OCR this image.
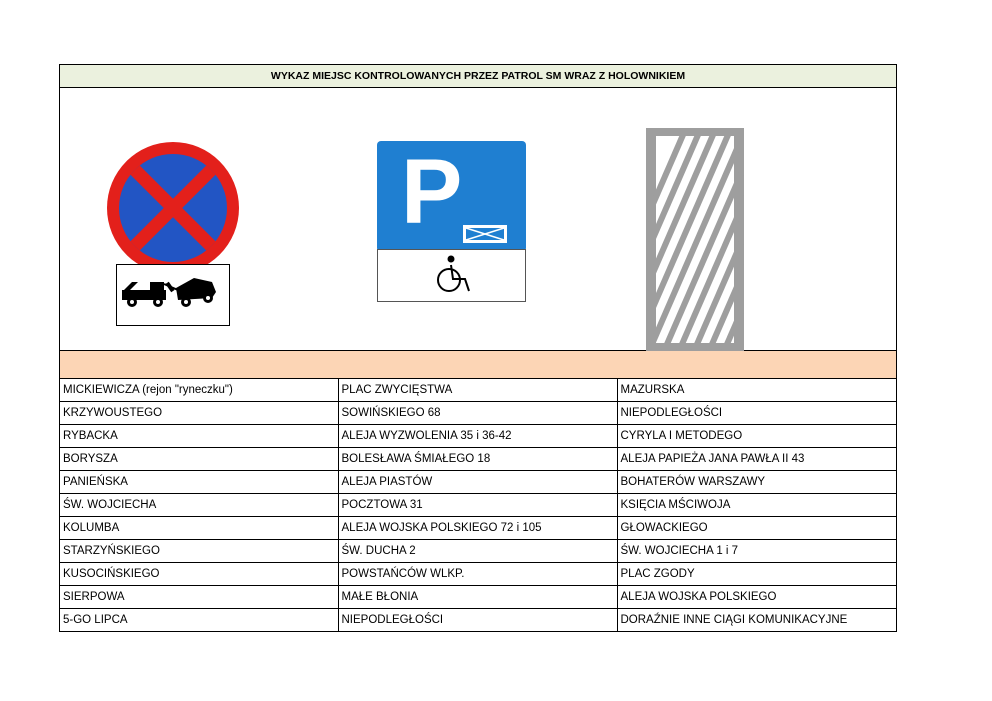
WYKAZ MIEJSC KONTROLOWANYCH PRZEZ PATROL SM WRAZ Z HOLOWNIKIEM
P
MICKIEWICZA (rejon "ryneczku")	PLAC ZWYCIĘSTWA	MAZURSKA
KRZYWOUSTEGO	SOWIŃSKIEGO 68	NIEPODLEGŁOŚCI
RYBACKA	ALEJA WYZWOLENIA 35 i 36-42	CYRYLA I METODEGO
BORYSZA	BOLESŁAWA ŚMIAŁEGO 18	ALEJA PAPIEŻA JANA PAWŁA II 43
PANIEŃSKA	ALEJA PIASTÓW	BOHATERÓW WARSZAWY
ŚW. WOJCIECHA	POCZTOWA 31	KSIĘCIA MŚCIWOJA
KOLUMBA	ALEJA WOJSKA POLSKIEGO 72 i 105	GŁOWACKIEGO
STARZYŃSKIEGO	ŚW. DUCHA 2	ŚW. WOJCIECHA 1 i 7
KUSOCIŃSKIEGO	POWSTAŃCÓW WLKP.	PLAC ZGODY
SIERPOWA	MAŁE BŁONIA	ALEJA WOJSKA POLSKIEGO
5-GO LIPCA	NIEPODLEGŁOŚCI	DORAŹNIE INNE CIĄGI KOMUNIKACYJNE
